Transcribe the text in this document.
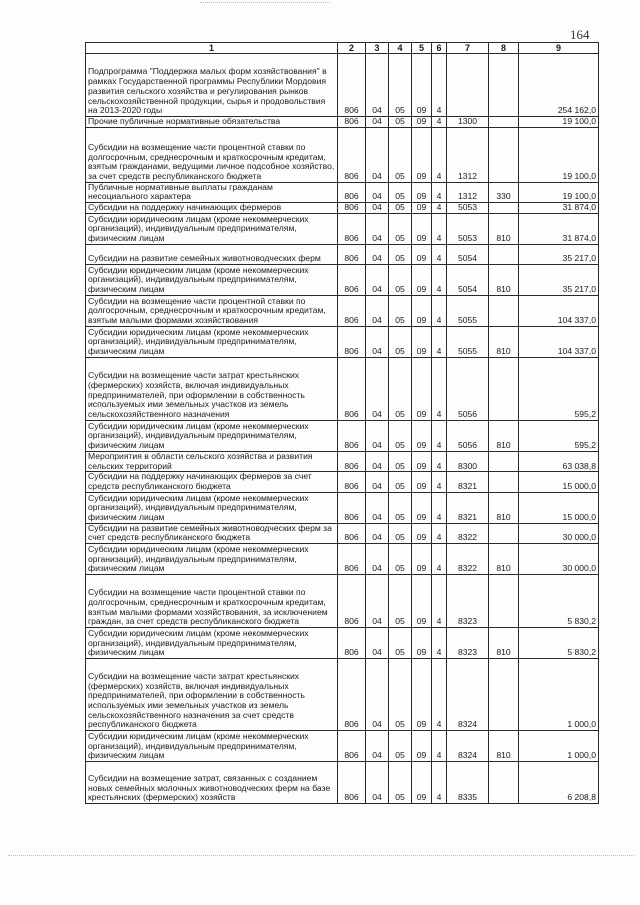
164
1	2	3	4	5	6	7	8	9
Подпрограмма "Поддержка малых форм хозяйствования" в рамках Государственной программы Республики Мордовия развития сельского хозяйства и регулирования рынков сельскохозяйственной продукции, сырья и продовольствия на 2013-2020 годы	806	04	05	09	4			254 162,0
Прочие публичные нормативные обязательства	806	04	05	09	4	1300		19 100,0
Субсидии на возмещение части процентной ставки по долгосрочным, среднесрочным и краткосрочным кредитам, взятым гражданами, ведущими личное подсобное хозяйство, за счет средств республиканского бюджета	806	04	05	09	4	1312		19 100,0
Публичные нормативные выплаты гражданам несоциального характера	806	04	05	09	4	1312	330	19 100,0
Субсидии на поддержку начинающих фермеров	806	04	05	09	4	5053		31 874,0
Субсидии юридическим лицам (кроме некоммерческих организаций), индивидуальным предпринимателям, физическим лицам	806	04	05	09	4	5053	810	31 874,0
Субсидии на развитие семейных животноводческих ферм	806	04	05	09	4	5054		35 217,0
Субсидии юридическим лицам (кроме некоммерческих организаций), индивидуальным предпринимателям, физическим лицам	806	04	05	09	4	5054	810	35 217,0
Субсидии на возмещение части процентной ставки по долгосрочным, среднесрочным и краткосрочным кредитам, взятым малыми формами хозяйствования	806	04	05	09	4	5055		104 337,0
Субсидии юридическим лицам (кроме некоммерческих организаций), индивидуальным предпринимателям, физическим лицам	806	04	05	09	4	5055	810	104 337,0
Субсидии на возмещение части затрат крестьянских (фермерских) хозяйств, включая индивидуальных предпринимателей, при оформлении в собственность используемых ими земельных участков из земель сельскохозяйственного назначения	806	04	05	09	4	5056		595,2
Субсидии юридическим лицам (кроме некоммерческих организаций), индивидуальным предпринимателям, физическим лицам	806	04	05	09	4	5056	810	595,2
Мероприятия в области сельского хозяйства и развития сельских территорий	806	04	05	09	4	8300		63 038,8
Субсидии на поддержку начинающих фермеров за счет средств республиканского бюджета	806	04	05	09	4	8321		15 000,0
Субсидии юридическим лицам (кроме некоммерческих организаций), индивидуальным предпринимателям, физическим лицам	806	04	05	09	4	8321	810	15 000,0
Субсидии на развитие семейных животноводческих ферм за счет средств республиканского бюджета	806	04	05	09	4	8322		30 000,0
Субсидии юридическим лицам (кроме некоммерческих организаций), индивидуальным предпринимателям, физическим лицам	806	04	05	09	4	8322	810	30 000,0
Субсидии на возмещение части процентной ставки по долгосрочным, среднесрочным и краткосрочным кредитам, взятым малыми формами хозяйствования, за исключением граждан, за счет средств республиканского бюджета	806	04	05	09	4	8323		5 830,2
Субсидии юридическим лицам (кроме некоммерческих организаций), индивидуальным предпринимателям, физическим лицам	806	04	05	09	4	8323	810	5 830,2
Субсидии на возмещение части затрат крестьянских (фермерских) хозяйств, включая индивидуальных предпринимателей, при оформлении в собственность используемых ими земельных участков из земель сельскохозяйственного назначения за счет средств республиканского бюджета	806	04	05	09	4	8324		1 000,0
Субсидии юридическим лицам (кроме некоммерческих организаций), индивидуальным предпринимателям, физическим лицам	806	04	05	09	4	8324	810	1 000,0
Субсидии на возмещение затрат, связанных с созданием новых семейных молочных животноводческих ферм на базе крестьянских (фермерских) хозяйств	806	04	05	09	4	8335		6 208,8
